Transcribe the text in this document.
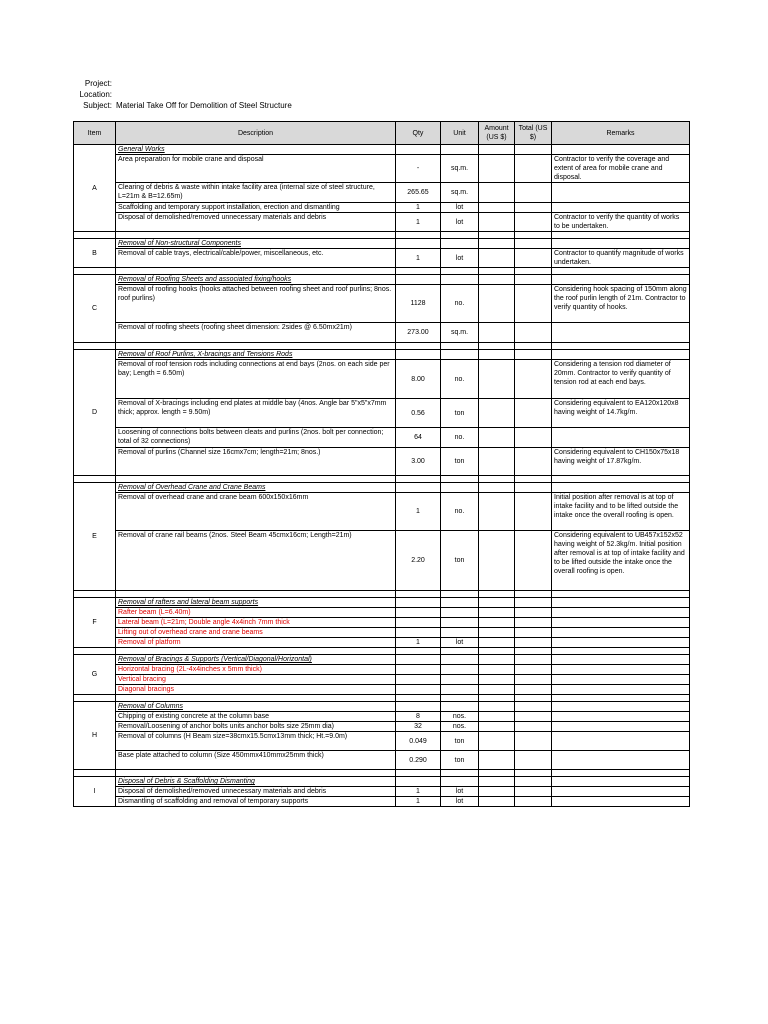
Project:
Location:
Subject: Material Take Off for Demolition of Steel Structure
Item	Description	Qty	Unit	Amount (US $)	Total (US $)	Remarks
A	General Works					
	Area preparation for mobile crane and disposal	-	sq.m.			Contractor to verify the coverage and extent of area for mobile crane and disposal.
	Clearing of debris & waste within intake facility area (internal size of steel structure, L=21m & B=12.65m)	265.65	sq.m.			
	Scaffolding and temporary support installation, erection and dismantling	1	lot			
	Disposal of demolished/removed unnecessary materials and debris	1	lot			Contractor to verify the quantity of works to be undertaken.

B	Removal of Non-structural Components					
	Removal of cable trays, electrical/cable/power, miscellaneous, etc.	1	lot			Contractor to quantify magnitude of works undertaken.

C	Removal of Roofing Sheets and associated fixing/hooks					
	Removal of roofing hooks (hooks attached between roofing sheet and roof purlins; 8nos. roof purlins)	1128	no.			Considering hook spacing of 150mm along the roof purlin length of 21m. Contractor to verify quantity of hooks.
	Removal of roofing sheets (roofing sheet dimension: 2sides @ 6.50mx21m)	273.00	sq.m.			

D	Removal of Roof Purlins, X-bracings and Tensions Rods					
	Removal of roof tension rods including connections at end bays (2nos. on each side per bay; Length = 6.50m)	8.00	no.			Considering a tension rod diameter of 20mm. Contractor to verify quantity of tension rod at each end bays.
	Removal of X-bracings including end plates at middle bay (4nos. Angle bar 5"x5"x7mm thick; approx. length = 9.50m)	0.56	ton			Considering equivalent to EA120x120x8 having weight of 14.7kg/m.
	Loosening of connections bolts between cleats and purlins (2nos. bolt per connection; total of 32 connections)	64	no.			
	Removal of purlins (Channel size 16cmx7cm; length=21m; 8nos.)	3.00	ton			Considering equivalent to CH150x75x18 having weight of 17.87kg/m.

E	Removal of Overhead Crane and Crane Beams					
	Removal of overhead crane and crane beam 600x150x16mm	1	no.			Initial position after removal is at top of intake facility and to be lifted outside the intake once the overall roofing is open.
	Removal of crane rail beams (2nos. Steel Beam 45cmx16cm; Length=21m)	2.20	ton			Considering equivalent to UB457x152x52 having weight of 52.3kg/m. Initial position after removal is at top of intake facility and to be lifted outside the intake once the overall roofing is open.

F	Removal of rafters and lateral beam supports					
	Rafter beam (L=6.40m)					
	Lateral beam (L=21m; Double angle 4x4inch 7mm thick					
	Lifting out of overhead crane and crane beams					
	Removal of platform	1	lot			

G	Removal of Bracings & Supports (Vertical/Diagonal/Horizontal)					
	Horizontal bracing (2L-4x4inches x 5mm thick)					
	Vertical bracing					
	Diagonal bracings					

H	Removal of Columns					
	Chipping of existing concrete at the column base	8	nos.			
	Removal/Loosening of anchor bolts units anchor bolts size 25mm dia)	32	nos.			
	Removal of columns (H Beam size=38cmx15.5cmx13mm thick; Ht.=9.0m)	0.049	ton			
	Base plate attached to column (Size 450mmx410mmx25mm thick)	0.290	ton			

I	Disposal of Debris & Scaffolding Dismanting					
	Disposal of demolished/removed unnecessary materials and debris	1	lot			
	Dismantling of scaffolding and removal of temporary supports	1	lot			
